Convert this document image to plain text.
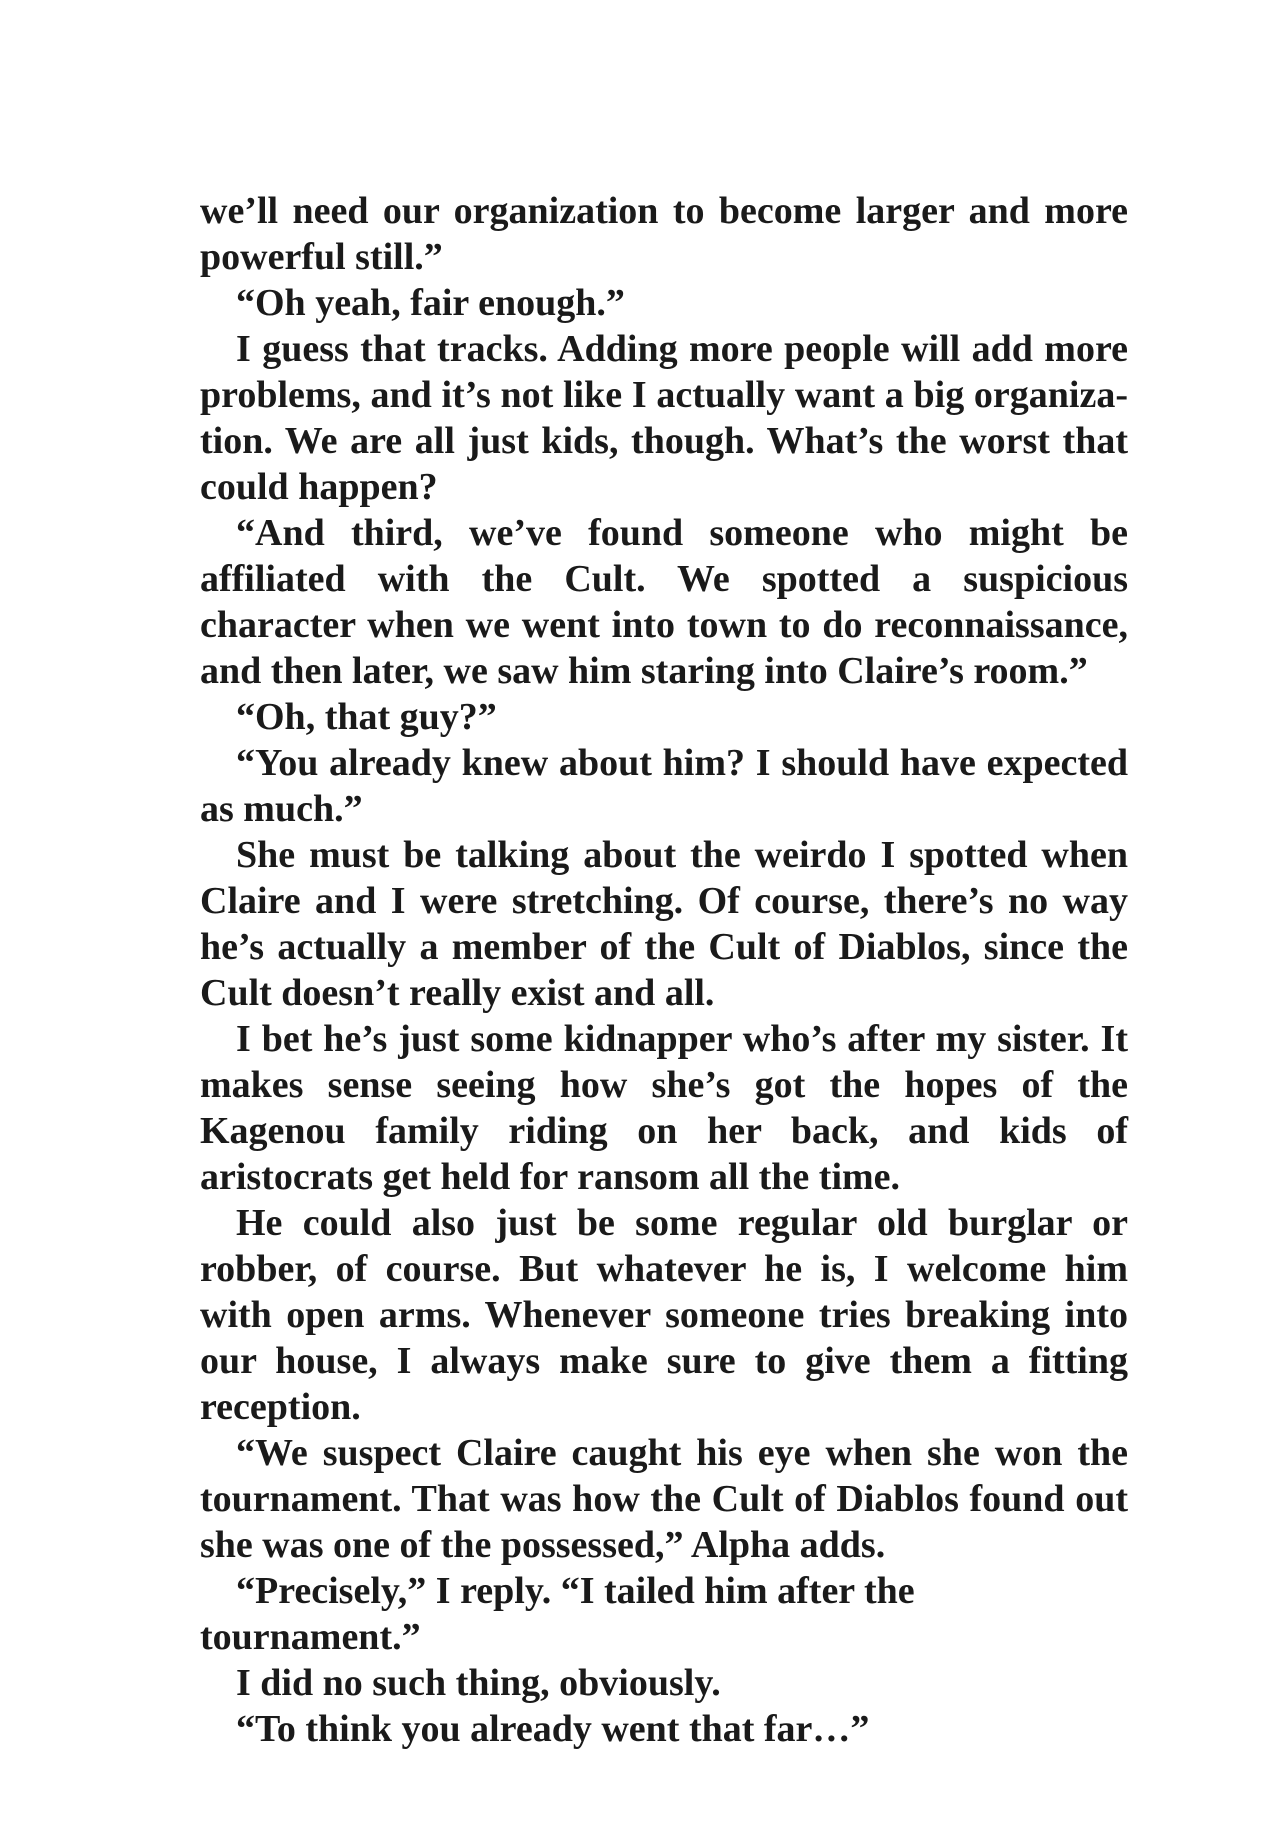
we’ll need our organization to become larger and more powerful still.”

“Oh yeah, fair enough.”

I guess that tracks. Adding more people will add more problems, and it’s not like I actually want a big organization. We are all just kids, though. What’s the worst that could happen?

“And third, we’ve found someone who might be affiliated with the Cult. We spotted a suspicious character when we went into town to do reconnaissance, and then later, we saw him staring into Claire’s room.”

“Oh, that guy?”

“You already knew about him? I should have expected as much.”

She must be talking about the weirdo I spotted when Claire and I were stretching. Of course, there’s no way he’s actually a member of the Cult of Diablos, since the Cult doesn’t really exist and all.

I bet he’s just some kidnapper who’s after my sister. It makes sense seeing how she’s got the hopes of the Kagenou family riding on her back, and kids of aristocrats get held for ransom all the time.

He could also just be some regular old burglar or robber, of course. But whatever he is, I welcome him with open arms. Whenever someone tries breaking into our house, I always make sure to give them a fitting reception.

“We suspect Claire caught his eye when she won the tournament. That was how the Cult of Diablos found out she was one of the possessed,” Alpha adds.

“Precisely,” I reply. “I tailed him after the tournament.”

I did no such thing, obviously.

“To think you already went that far…”
